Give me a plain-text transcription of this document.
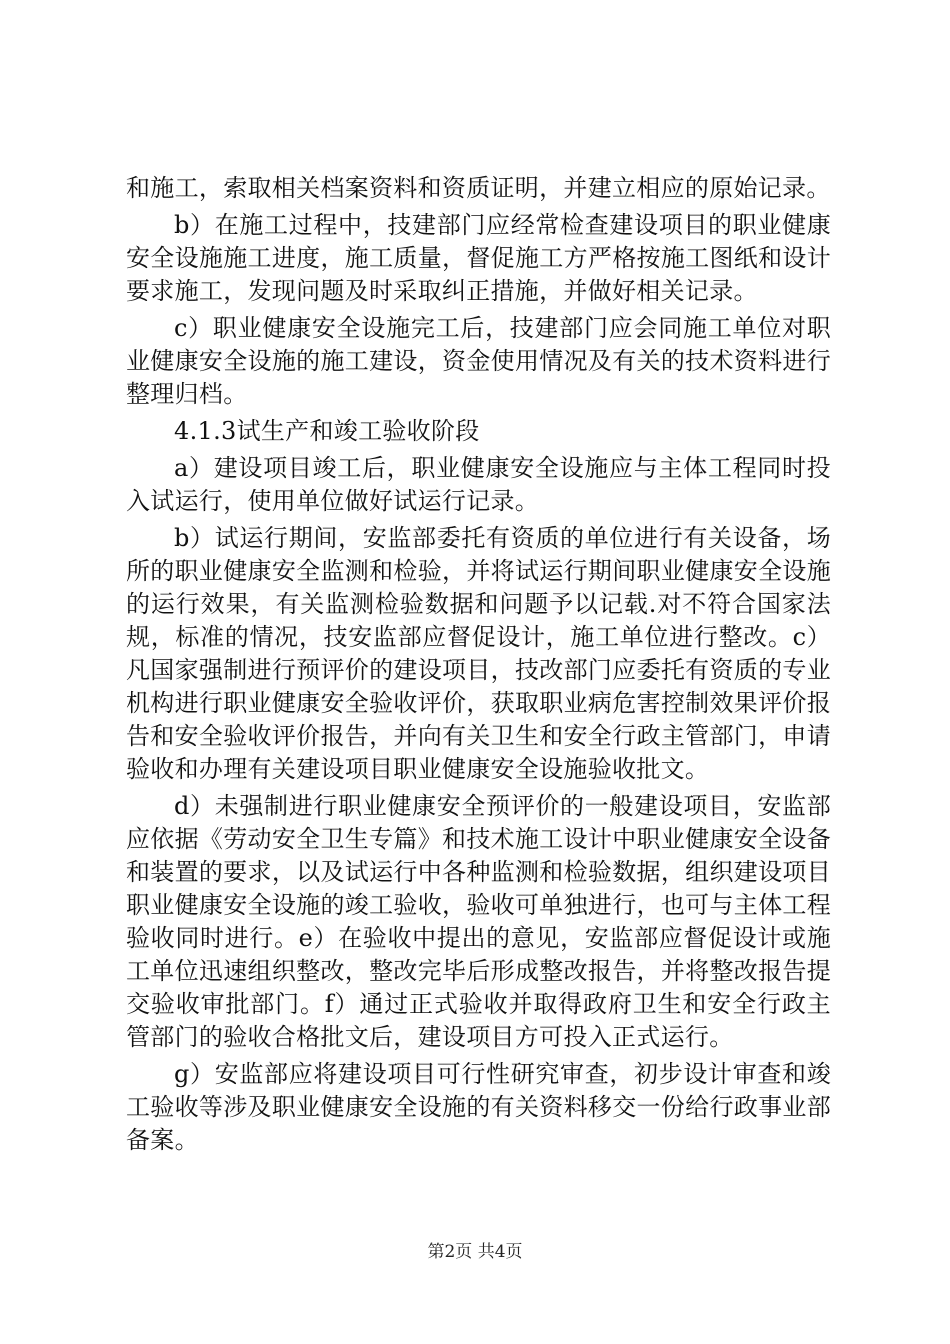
和施工，索取相关档案资料和资质证明，并建立相应的原始记录。

b）在施工过程中，技建部门应经常检查建设项目的职业健康安全设施施工进度，施工质量，督促施工方严格按施工图纸和设计要求施工，发现问题及时采取纠正措施，并做好相关记录。

c）职业健康安全设施完工后，技建部门应会同施工单位对职业健康安全设施的施工建设，资金使用情况及有关的技术资料进行整理归档。

4.1.3试生产和竣工验收阶段

a）建设项目竣工后，职业健康安全设施应与主体工程同时投入试运行，使用单位做好试运行记录。

b）试运行期间，安监部委托有资质的单位进行有关设备，场所的职业健康安全监测和检验，并将试运行期间职业健康安全设施的运行效果，有关监测检验数据和问题予以记载.对不符合国家法规，标准的情况，技安监部应督促设计，施工单位进行整改。c）凡国家强制进行预评价的建设项目，技改部门应委托有资质的专业机构进行职业健康安全验收评价，获取职业病危害控制效果评价报告和安全验收评价报告，并向有关卫生和安全行政主管部门，申请验收和办理有关建设项目职业健康安全设施验收批文。

d）未强制进行职业健康安全预评价的一般建设项目，安监部应依据《劳动安全卫生专篇》和技术施工设计中职业健康安全设备和装置的要求，以及试运行中各种监测和检验数据，组织建设项目职业健康安全设施的竣工验收，验收可单独进行，也可与主体工程验收同时进行。e）在验收中提出的意见，安监部应督促设计或施工单位迅速组织整改，整改完毕后形成整改报告，并将整改报告提交验收审批部门。f）通过正式验收并取得政府卫生和安全行政主管部门的验收合格批文后，建设项目方可投入正式运行。

g）安监部应将建设项目可行性研究审查，初步设计审查和竣工验收等涉及职业健康安全设施的有关资料移交一份给行政事业部备案。

第2页 共4页
